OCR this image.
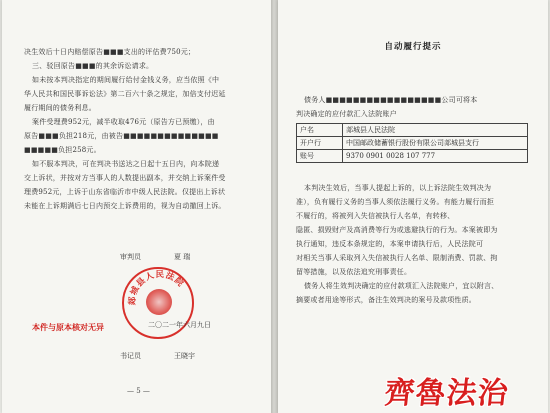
决生效后十日内赔偿原告■■■支出的评估费750元；
三、驳回原告■■■的其余诉讼请求。
如未按本判决指定的期间履行给付金钱义务，应当依照《中
华人民共和国民事诉讼法》第二百六十条之规定，加倍支付迟延
履行期间的债务利息。
案件受理费952元，减半收取476元（原告方已预缴），由
原告■■■负担218元，由被告■■■■■■■■■■■■■■
■■■■■负担258元。
如不服本判决，可在判决书送达之日起十五日内，向本院递
交上诉状，并按对方当事人的人数提出副本，并交纳上诉案件受
理费952元，上诉于山东省临沂市中级人民法院。仅提出上诉状
未能在上诉期满后七日内预交上诉费用的，视为自动撤回上诉。
审判员	夏 瑞
郯城县人民法院
二〇二一年六月九日
本件与原本核对无异
书记员	王晓宇
— 5 —
自动履行提示
债务人■■■■■■■■■■■■■■■■■公司可将本
判决确定的应付款汇入法院账户
户名	郯城县人民法院
开户行	中国邮政储蓄银行股份有限公司郯城县支行
账号	9370 0901 0028 107 777
本判决生效后，当事人提起上诉的，以上诉法院生效判决为
准），负有履行义务的当事人须依法履行义务。有能力履行而拒
不履行的，将被列入失信被执行人名单，有转移、
隐匿、损毁财产及高消费等行为或逃避执行的行为。本案被即为
执行通知，违反本条规定的，本案申请执行后，人民法院可
对相关当事人采取列入失信被执行人名单、限制消费、罚款、拘
留等措施，以及依法追究刑事责任。
债务人将生效判决确定的应付款项汇入法院账户，宜以附言、
摘要或者用途等形式，备注生效判决的案号及款项性质。
齊魯法治
